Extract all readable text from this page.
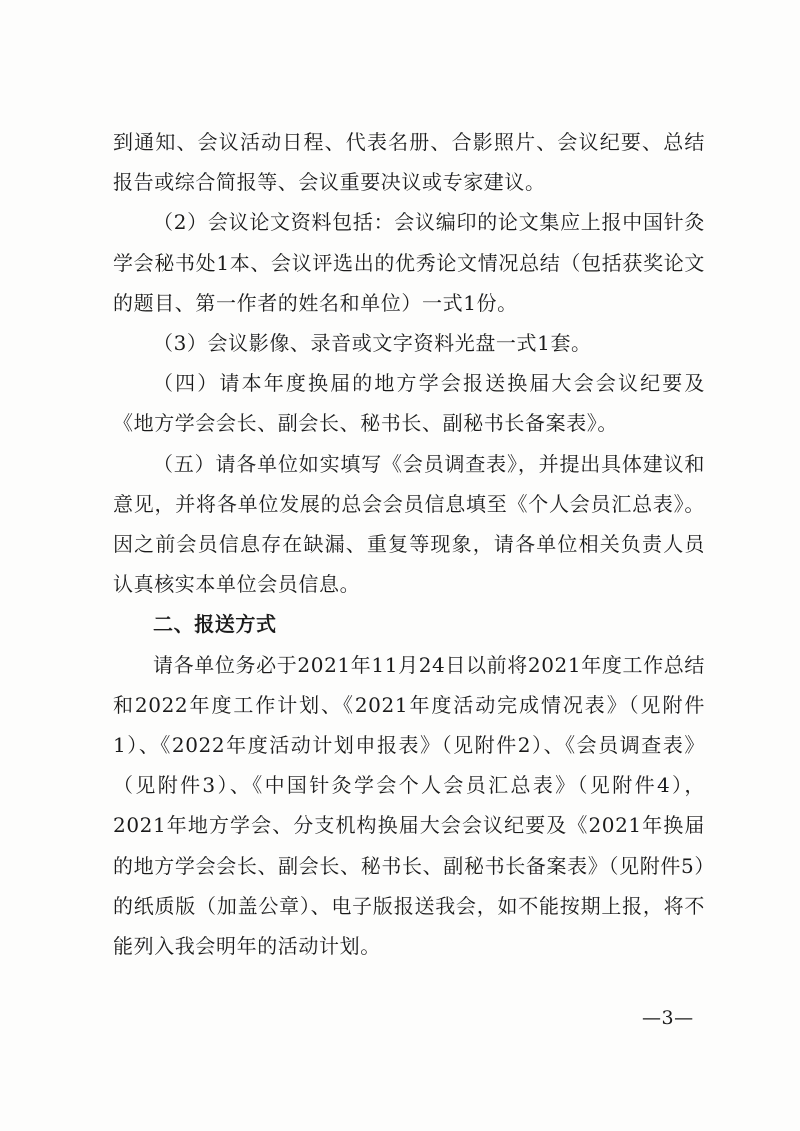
到通知、会议活动日程、代表名册、合影照片、会议纪要、总结报告或综合简报等、会议重要决议或专家建议。

（2）会议论文资料包括：会议编印的论文集应上报中国针灸学会秘书处1本、会议评选出的优秀论文情况总结（包括获奖论文的题目、第一作者的姓名和单位）一式1份。

（3）会议影像、录音或文字资料光盘一式1套。

（四）请本年度换届的地方学会报送换届大会会议纪要及《地方学会会长、副会长、秘书长、副秘书长备案表》。

（五）请各单位如实填写《会员调查表》，并提出具体建议和意见，并将各单位发展的总会会员信息填至《个人会员汇总表》。因之前会员信息存在缺漏、重复等现象，请各单位相关负责人员认真核实本单位会员信息。

二、报送方式

请各单位务必于2021年11月24日以前将2021年度工作总结和2022年度工作计划、《2021年度活动完成情况表》（见附件1）、《2022年度活动计划申报表》（见附件2）、《会员调查表》（见附件3）、《中国针灸学会个人会员汇总表》（见附件4），2021年地方学会、分支机构换届大会会议纪要及《2021年换届的地方学会会长、副会长、秘书长、副秘书长备案表》（见附件5）的纸质版（加盖公章）、电子版报送我会，如不能按期上报，将不能列入我会明年的活动计划。

—3—
